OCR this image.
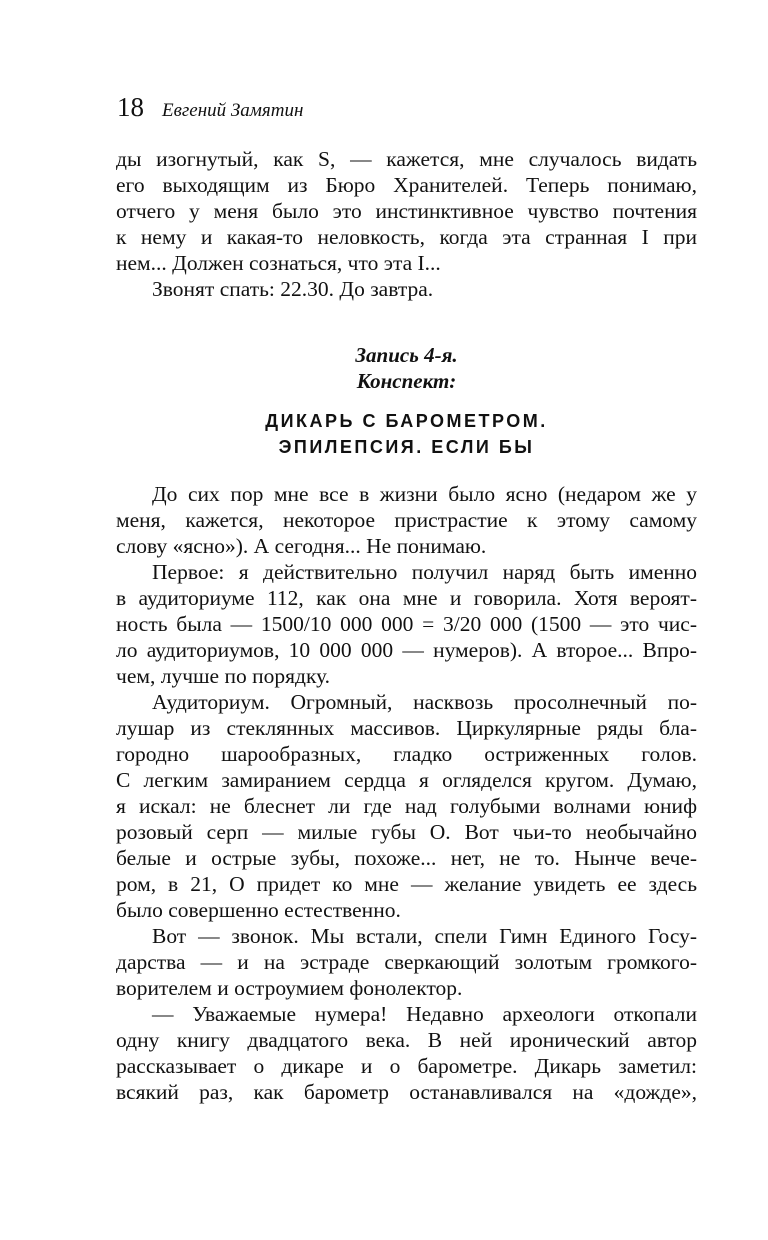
18 Евгений Замятин
ды изогнутый, как S, — кажется, мне случалось видать
его выходящим из Бюро Хранителей. Теперь понимаю,
отчего у меня было это инстинктивное чувство почтения
к нему и какая-то неловкость, когда эта странная I при
нем... Должен сознаться, что эта I...
Звонят спать: 22.30. До завтра.
Запись 4-я.
Конспект:
ДИКАРЬ С БАРОМЕТРОМ.
ЭПИЛЕПСИЯ. ЕСЛИ БЫ
До сих пор мне все в жизни было ясно (недаром же у
меня, кажется, некоторое пристрастие к этому самому
слову «ясно»). А сегодня... Не понимаю.
Первое: я действительно получил наряд быть именно
в аудиториуме 112, как она мне и говорила. Хотя вероят-
ность была — 1500/10 000 000 = 3/20 000 (1500 — это чис-
ло аудиториумов, 10 000 000 — нумеров). А второе... Впро-
чем, лучше по порядку.
Аудиториум. Огромный, насквозь просолнечный по-
лушар из стеклянных массивов. Циркулярные ряды бла-
городно шарообразных, гладко остриженных голов.
С легким замиранием сердца я огляделся кругом. Думаю,
я искал: не блеснет ли где над голубыми волнами юниф
розовый серп — милые губы О. Вот чьи-то необычайно
белые и острые зубы, похоже... нет, не то. Нынче вече-
ром, в 21, О придет ко мне — желание увидеть ее здесь
было совершенно естественно.
Вот — звонок. Мы встали, спели Гимн Единого Госу-
дарства — и на эстраде сверкающий золотым громкого-
ворителем и остроумием фонолектор.
— Уважаемые нумера! Недавно археологи откопали
одну книгу двадцатого века. В ней иронический автор
рассказывает о дикаре и о барометре. Дикарь заметил:
всякий раз, как барометр останавливался на «дожде»,
